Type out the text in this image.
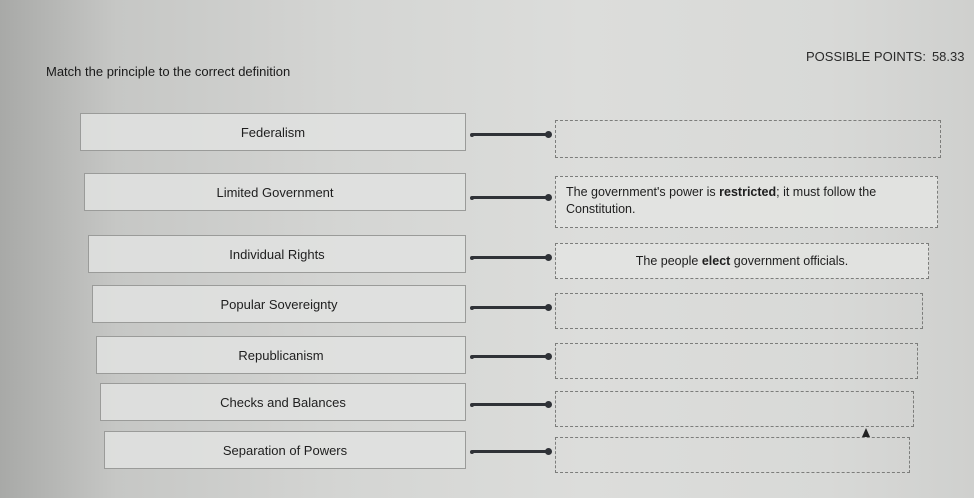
POSSIBLE POINTS: 58.33
Match the principle to the correct definition
Federalism
Limited Government	The government's power is restricted; it must follow the Constitution.
Individual Rights	The people
elect
government officials.
Popular Sovereignty
Republicanism
Checks and Balances
Separation of Powers
